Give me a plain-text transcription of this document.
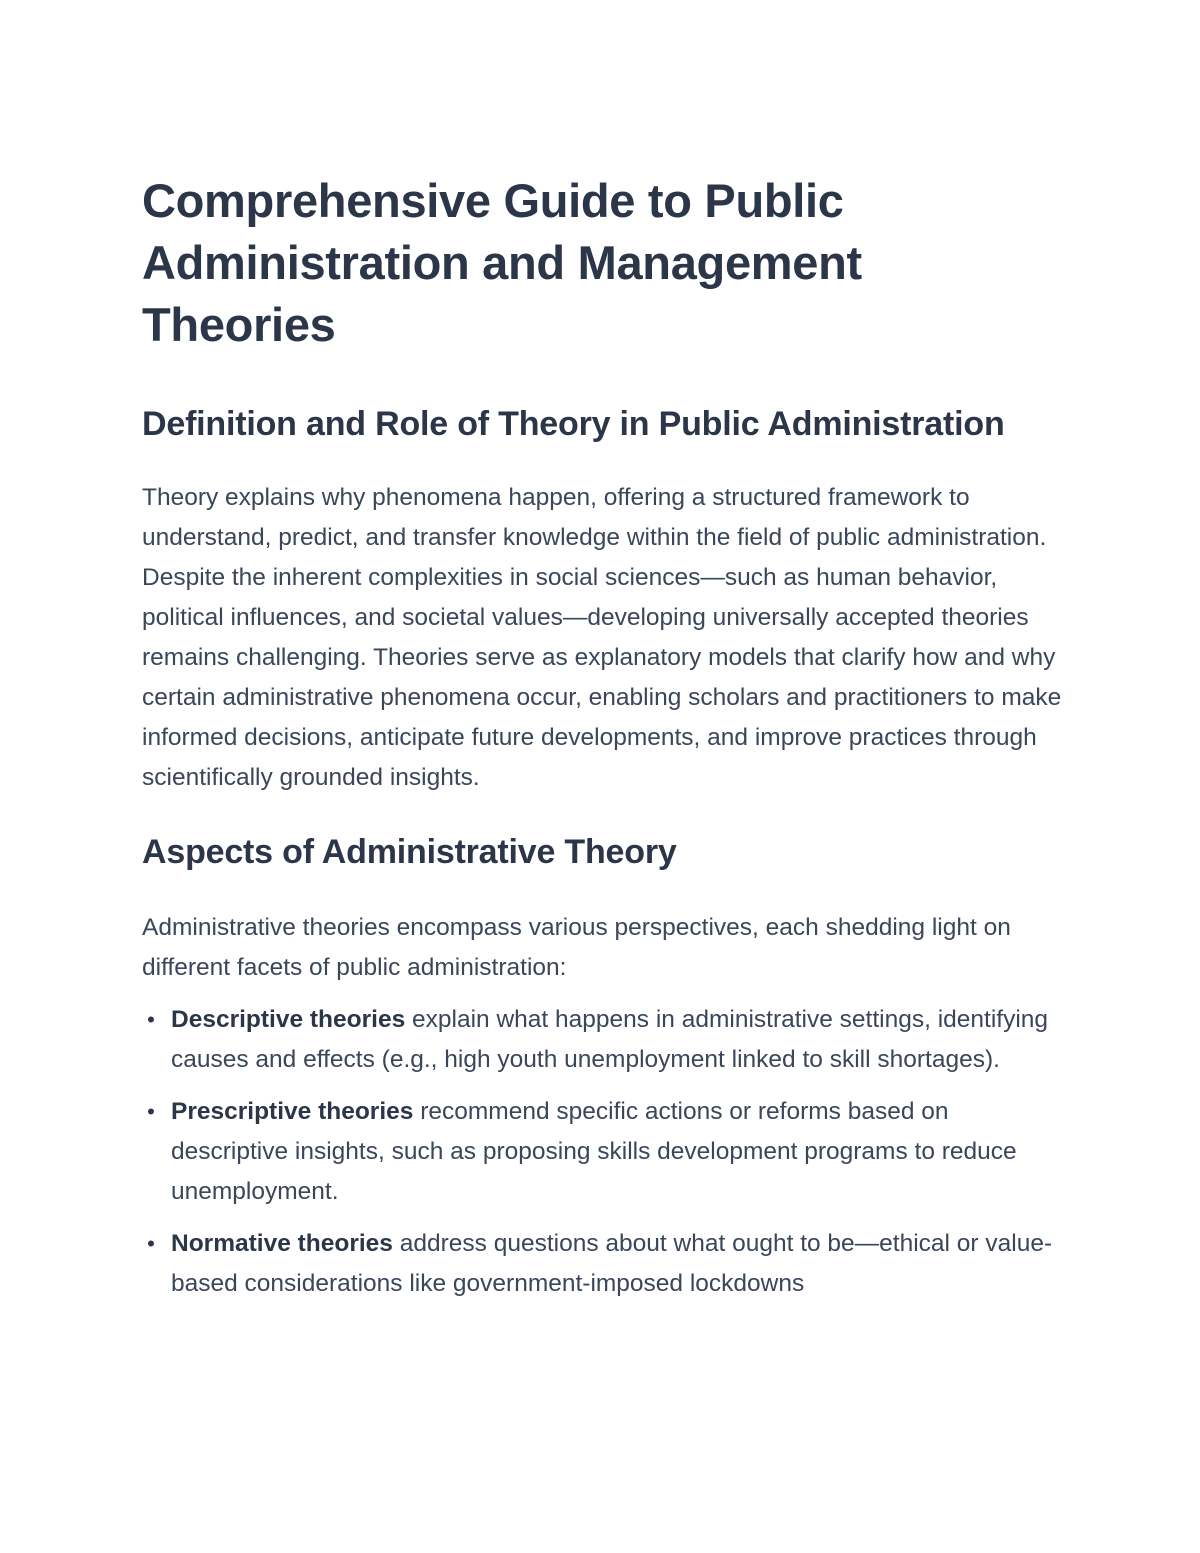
Comprehensive Guide to Public Administration and Management Theories
Definition and Role of Theory in Public Administration

Theory explains why phenomena happen, offering a structured framework to understand, predict, and transfer knowledge within the field of public administration. Despite the inherent complexities in social sciences—such as human behavior, political influences, and societal values—developing universally accepted theories remains challenging. Theories serve as explanatory models that clarify how and why certain administrative phenomena occur, enabling scholars and practitioners to make informed decisions, anticipate future developments, and improve practices through scientifically grounded insights.

Aspects of Administrative Theory

Administrative theories encompass various perspectives, each shedding light on different facets of public administration:

• Descriptive theories explain what happens in administrative settings, identifying causes and effects (e.g., high youth unemployment linked to skill shortages).
• Prescriptive theories recommend specific actions or reforms based on descriptive insights, such as proposing skills development programs to reduce unemployment.
• Normative theories address questions about what ought to be—ethical or value-based considerations like government-imposed lockdowns
